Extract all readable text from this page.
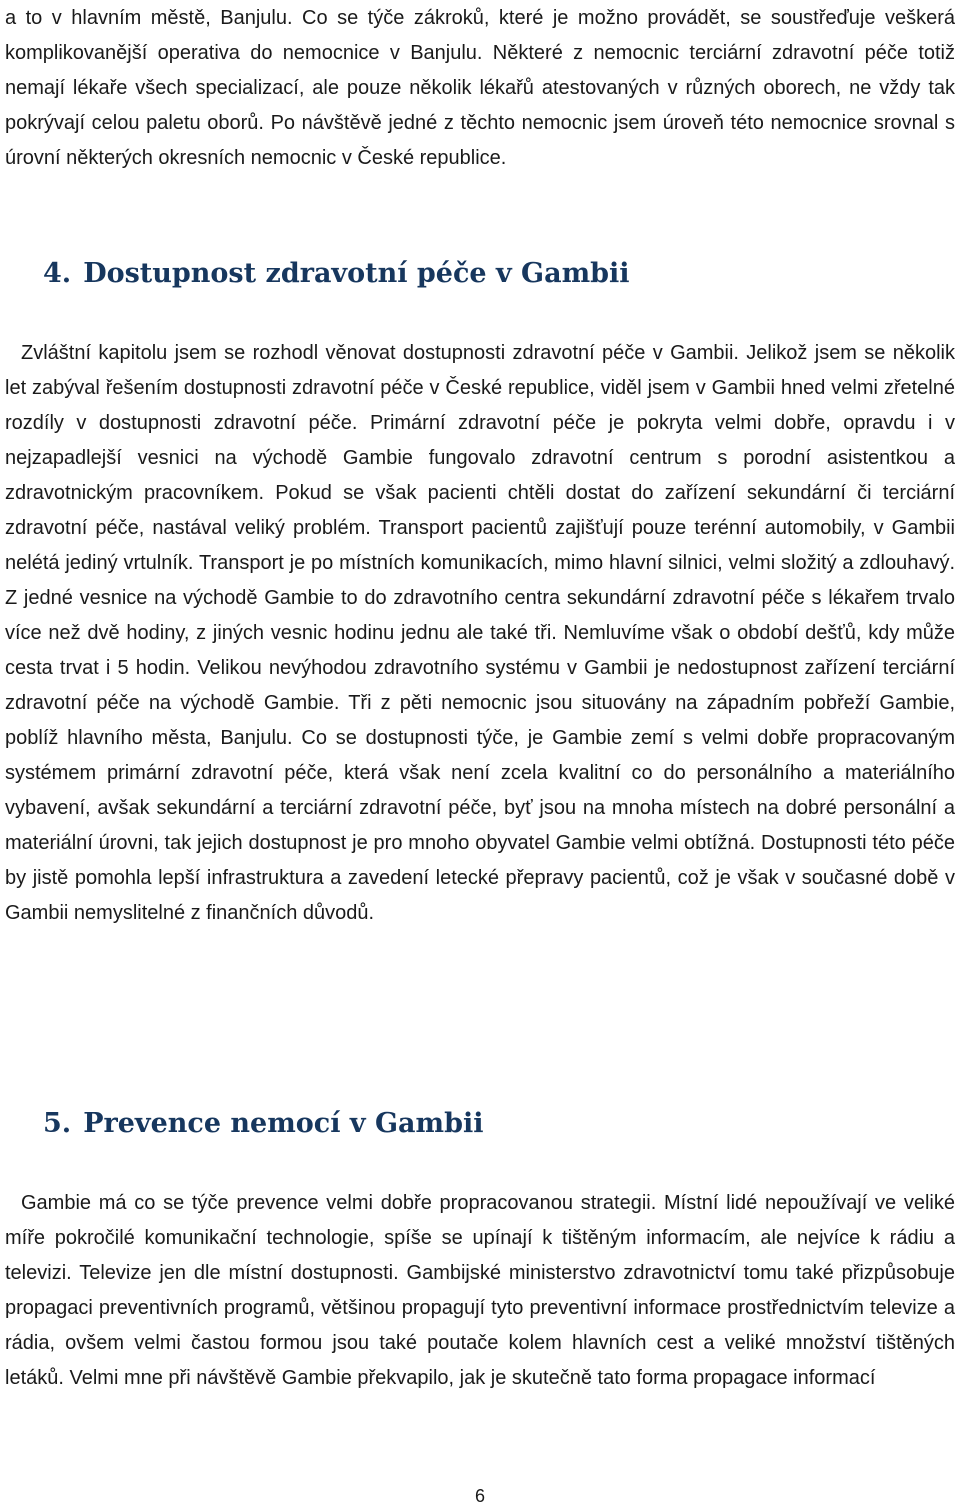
a to v hlavním městě, Banjulu. Co se týče zákroků, které je možno provádět, se soustřeďuje veškerá komplikovanější operativa do nemocnice v Banjulu. Některé z nemocnic terciární zdravotní péče totiž nemají lékaře všech specializací, ale pouze několik lékařů atestovaných v různých oborech, ne vždy tak pokrývají celou paletu oborů. Po návštěvě jedné z těchto nemocnic jsem úroveň této nemocnice srovnal s úrovní některých okresních nemocnic v České republice.

4. Dostupnost zdravotní péče v Gambii

Zvláštní kapitolu jsem se rozhodl věnovat dostupnosti zdravotní péče v Gambii. Jelikož jsem se několik let zabýval řešením dostupnosti zdravotní péče v České republice, viděl jsem v Gambii hned velmi zřetelné rozdíly v dostupnosti zdravotní péče. Primární zdravotní péče je pokryta velmi dobře, opravdu i v nejzapadlejší vesnici na východě Gambie fungovalo zdravotní centrum s porodní asistentkou a zdravotnickým pracovníkem. Pokud se však pacienti chtěli dostat do zařízení sekundární či terciární zdravotní péče, nastával veliký problém. Transport pacientů zajišťují pouze terénní automobily, v Gambii nelétá jediný vrtulník. Transport je po místních komunikacích, mimo hlavní silnici, velmi složitý a zdlouhavý. Z jedné vesnice na východě Gambie to do zdravotního centra sekundární zdravotní péče s lékařem trvalo více než dvě hodiny, z jiných vesnic hodinu jednu ale také tři. Nemluvíme však o období dešťů, kdy může cesta trvat i 5 hodin. Velikou nevýhodou zdravotního systému v Gambii je nedostupnost zařízení terciární zdravotní péče na východě Gambie. Tři z pěti nemocnic jsou situovány na západním pobřeží Gambie, poblíž hlavního města, Banjulu. Co se dostupnosti týče, je Gambie zemí s velmi dobře propracovaným systémem primární zdravotní péče, která však není zcela kvalitní co do personálního a materiálního vybavení, avšak sekundární a terciární zdravotní péče, byť jsou na mnoha místech na dobré personální a materiální úrovni, tak jejich dostupnost je pro mnoho obyvatel Gambie velmi obtížná. Dostupnosti této péče by jistě pomohla lepší infrastruktura a zavedení letecké přepravy pacientů, což je však v současné době v Gambii nemyslitelné z finančních důvodů.

5. Prevence nemocí v Gambii

Gambie má co se týče prevence velmi dobře propracovanou strategii. Místní lidé nepoužívají ve veliké míře pokročilé komunikační technologie, spíše se upínají k tištěným informacím, ale nejvíce k rádiu a televizi. Televize jen dle místní dostupnosti. Gambijské ministerstvo zdravotnictví tomu také přizpůsobuje propagaci preventivních programů, většinou propagují tyto preventivní informace prostřednictvím televize a rádia, ovšem velmi častou formou jsou také poutače kolem hlavních cest a veliké množství tištěných letáků. Velmi mne při návštěvě Gambie překvapilo, jak je skutečně tato forma propagace informací

6
